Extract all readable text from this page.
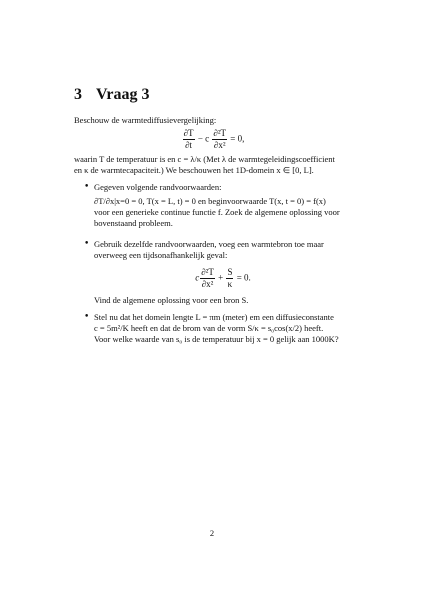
3 Vraag 3
Beschouw de warmtediffusievergelijking:
$\frac{\partial T}{\partial t} - c \frac{\text{∂²T}}{\text{∂x²}} = 0$,
waarin T de temperatuur is en c = λ/κ (Met λ de warmtegeleidingscoefficient
en κ de warmtecapaciteit.) We beschouwen het 1D-domein x ∈ [0, L].
• Gegeven volgende randvoorwaarden:
∂T/∂x|x=0 = 0, T(x = L, t) = 0 en beginvoorwaarde T(x, t = 0) = f(x)
voor een generieke continue functie f. Zoek de algemene oplossing voor
bovenstaand probleem.
• Gebruik dezelfde randvoorwaarden, voeg een warmtebron toe maar
overweeg een tijdsonafhankelijk geval:
c $\frac{\text{∂²T}}{\text{∂x²}} + \frac{S}{\kappa} = 0$.
Vind de algemene oplossing voor een bron S.
• Stel nu dat het domein lengte L = πm (meter) em een diffusieconstante
c = 5m²/K heeft en dat de brom van de vorm S/κ = s₀cos(x/2) heeft.
Voor welke waarde van s₀ is de temperatuur bij x = 0 gelijk aan 1000K?
2
